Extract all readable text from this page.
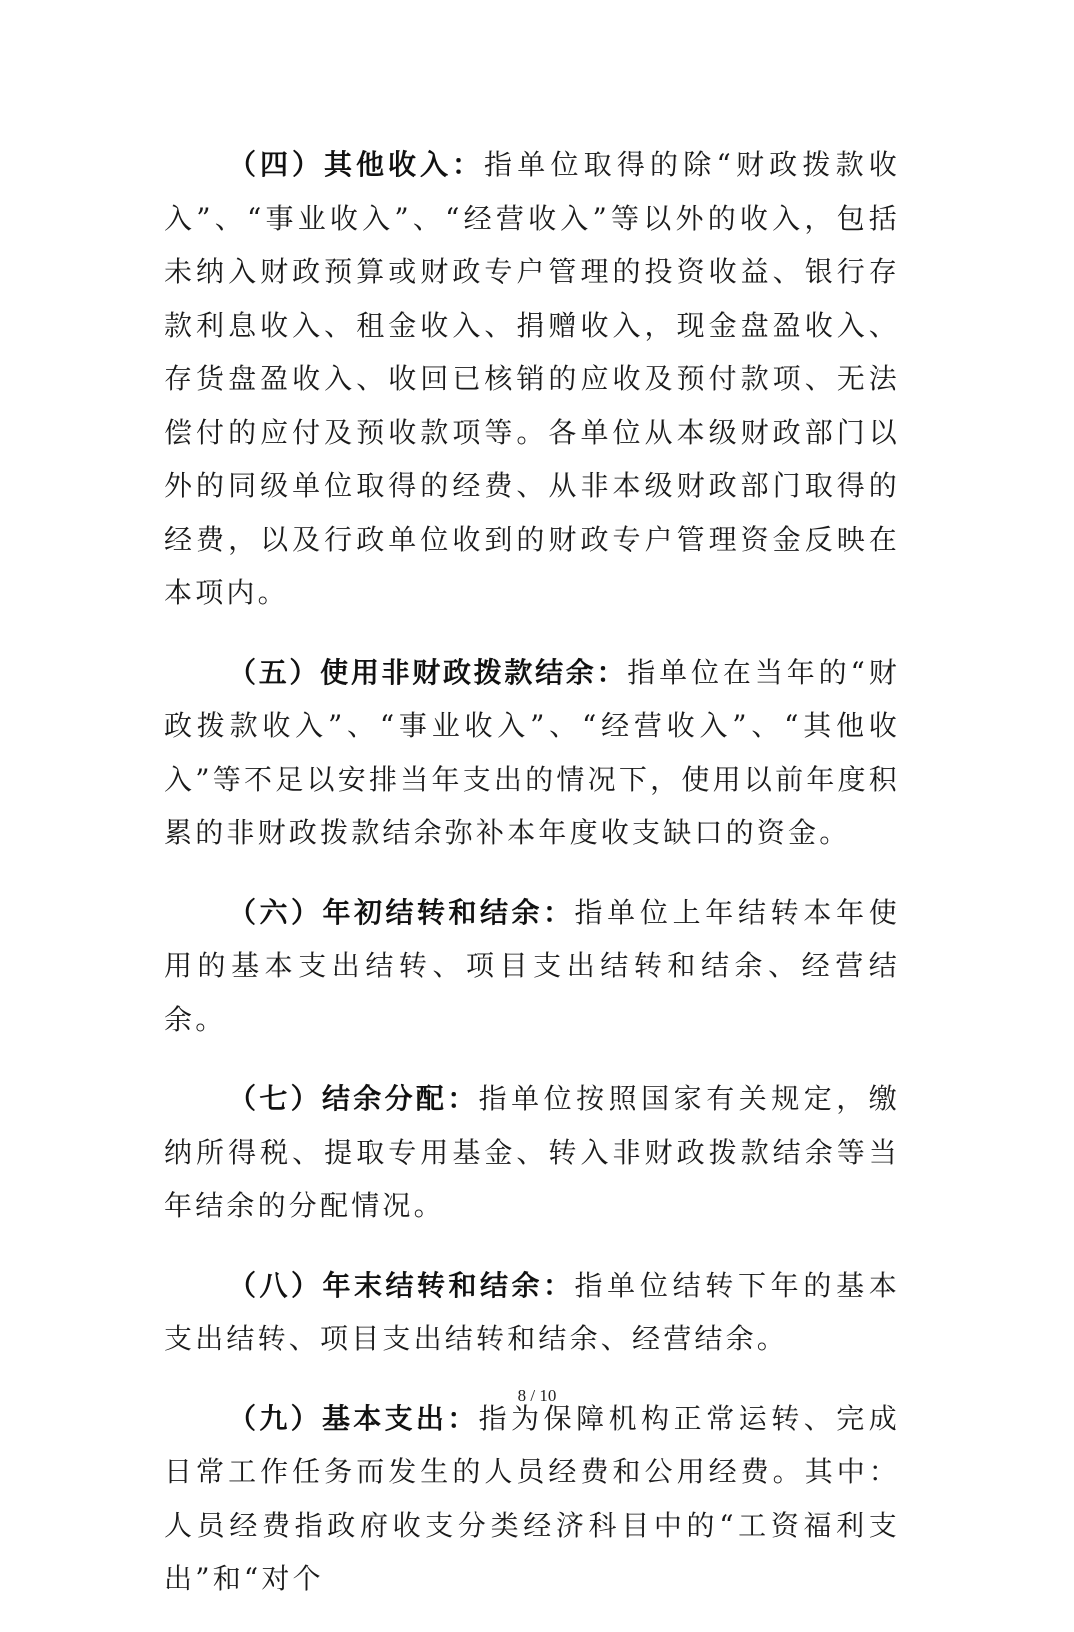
（四）其他收入：指单位取得的除“财政拨款收入”、“事业收入”、“经营收入”等以外的收入，包括未纳入财政预算或财政专户管理的投资收益、银行存款利息收入、租金收入、捐赠收入，现金盘盈收入、存货盘盈收入、收回已核销的应收及预付款项、无法偿付的应付及预收款项等。各单位从本级财政部门以外的同级单位取得的经费、从非本级财政部门取得的经费，以及行政单位收到的财政专户管理资金反映在本项内。

（五）使用非财政拨款结余：指单位在当年的“财政拨款收入”、“事业收入”、“经营收入”、“其他收入”等不足以安排当年支出的情况下，使用以前年度积累的非财政拨款结余弥补本年度收支缺口的资金。

（六）年初结转和结余：指单位上年结转本年使用的基本支出结转、项目支出结转和结余、经营结余。

（七）结余分配：指单位按照国家有关规定，缴纳所得税、提取专用基金、转入非财政拨款结余等当年结余的分配情况。

（八）年末结转和结余：指单位结转下年的基本支出结转、项目支出结转和结余、经营结余。

（九）基本支出：指为保障机构正常运转、完成日常工作任务而发生的人员经费和公用经费。其中：人员经费指政府收支分类经济科目中的“工资福利支出”和“对个

8 / 10
